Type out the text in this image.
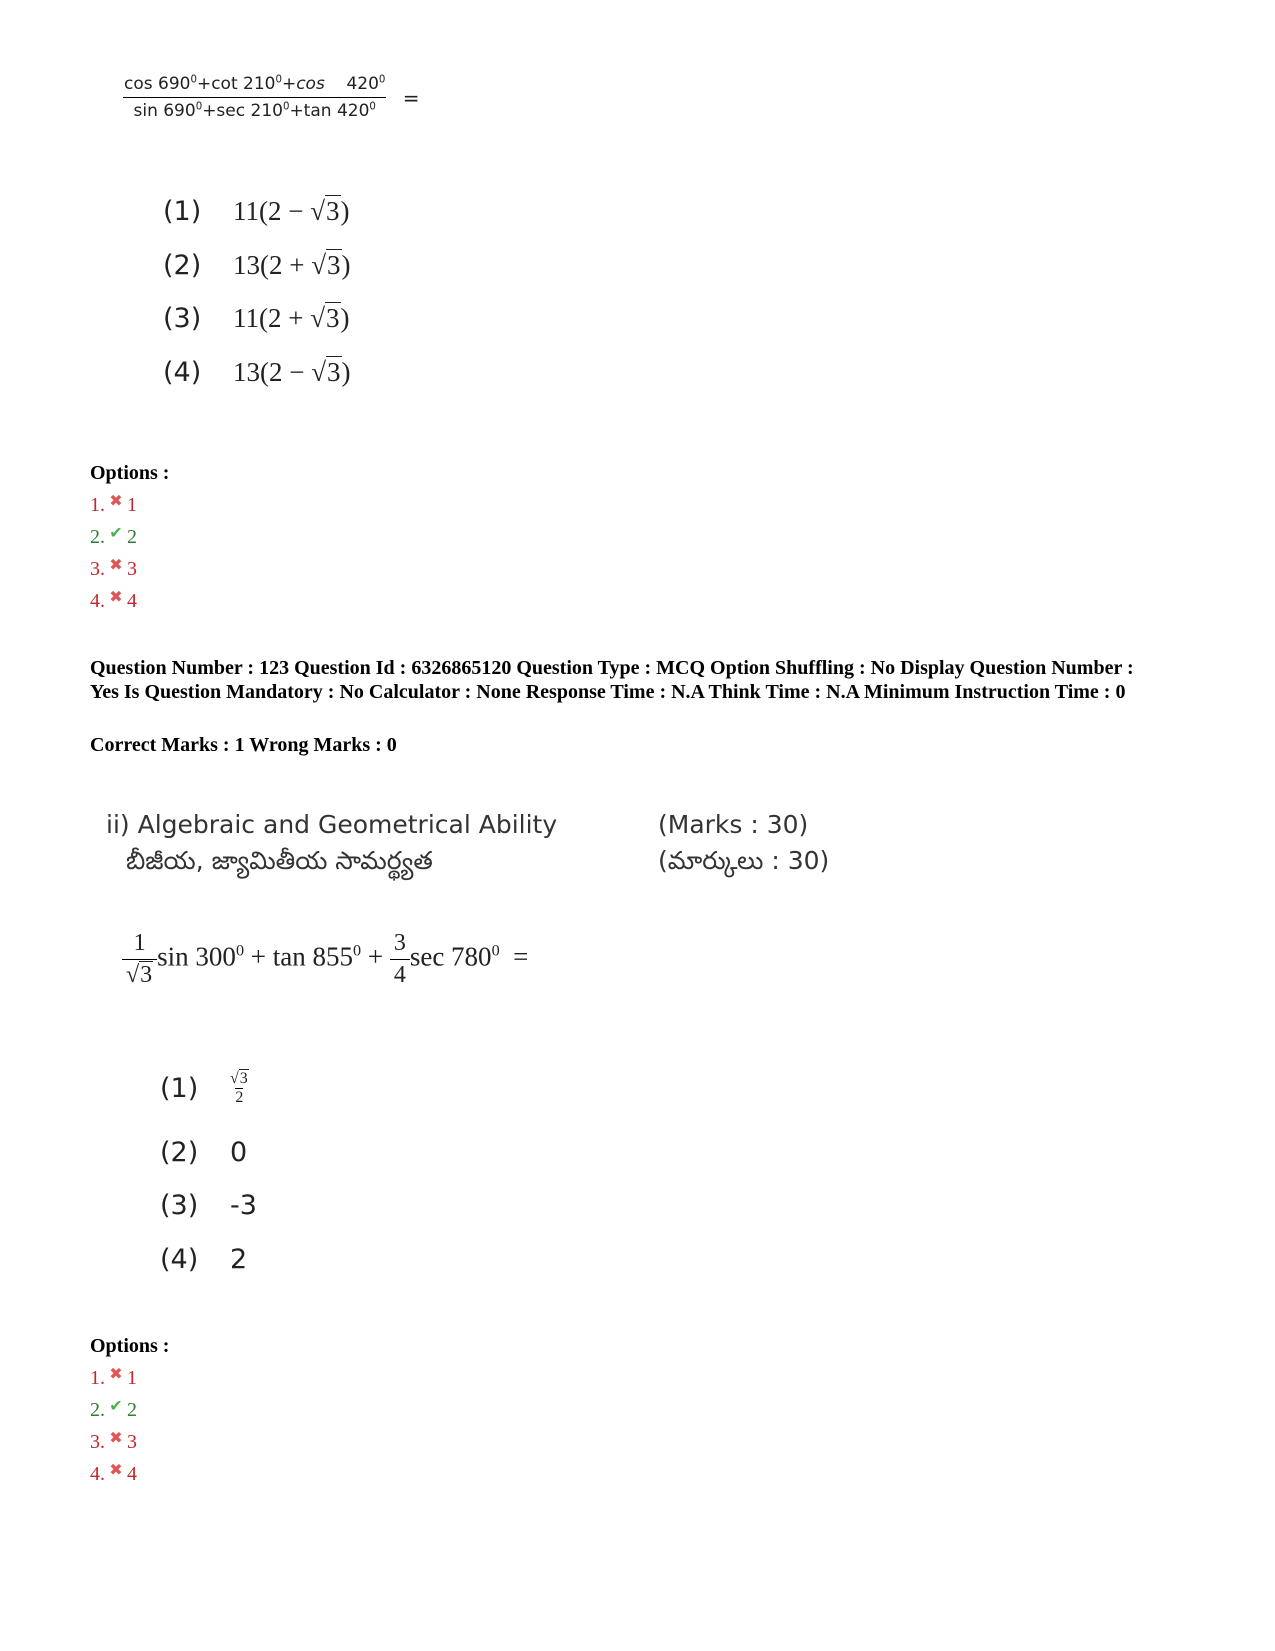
$\frac{\cos 690^0+\cot 210^0+\cos 420^0}{\sin 690^0+\sec 210^0+\tan 420^0}$ =
(1) 11(2 − √3)
(2) 13(2 + √3)
(3) 11(2 + √3)
(4) 13(2 − √3)
Options :
1. ✖ 1
2. ✔ 2
3. ✖ 3
4. ✖ 4
Question Number : 123 Question Id : 6326865120 Question Type : MCQ Option Shuffling : No Display Question Number : Yes Is Question Mandatory : No Calculator : None Response Time : N.A Think Time : N.A Minimum Instruction Time : 0
Correct Marks : 1 Wrong Marks : 0
ii) Algebraic and Geometrical Ability
బీజీయ, జ్యామితీయ సామర్థ్యత
(Marks : 30)
(మార్కులు : 30)
$\frac{1}{√3}$ $\sin 300^0 + \tan 855^0 + \frac{3}{4}$ $\sec 780^0$ =
$(1) \frac{√3}{2}$
(2) 0
(3) -3
(4) 2
Options :
1. ✖ 1
2. ✔ 2
3. ✖ 3
4. ✖ 4
